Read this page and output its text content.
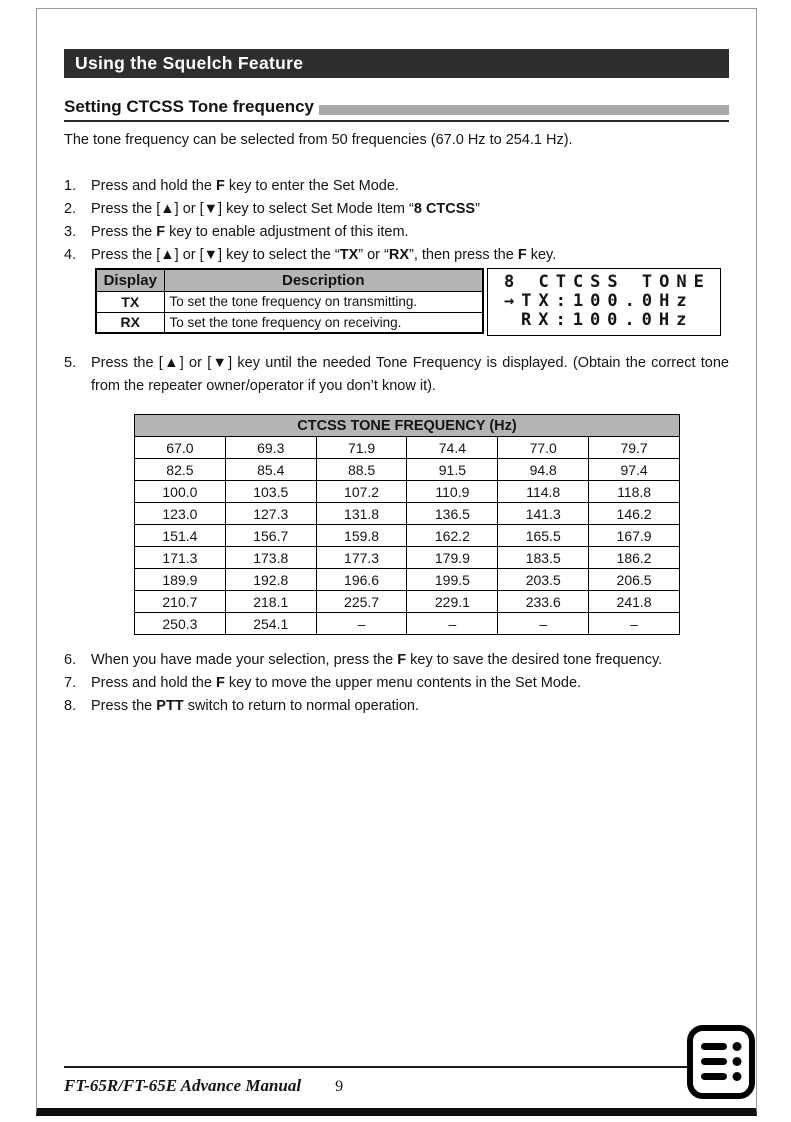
Using the Squelch Feature
Setting CTCSS Tone frequency

The tone frequency can be selected from 50 frequencies (67.0 Hz to 254.1 Hz).

1.	Press and hold the F key to enter the Set Mode.
2.	Press the [▲] or [▼] key to select Set Mode Item “8 CTCSS”
3.	Press the F key to enable adjustment of this item.
4.	Press the [▲] or [▼] key to select the “TX” or “RX”, then press the F key.
Display	Description
TX	To set the tone frequency on transmitting.
RX	To set the tone frequency on receiving.
8 CTCSS TONE
→TX:100.0Hz
RX:100.0Hz
5.	Press the [▲] or [▼] key until the needed Tone Frequency is displayed. (Obtain the correct tone from the repeater owner/operator if you don’t know it).
CTCSS TONE FREQUENCY (Hz)					
67.0	69.3	71.9	74.4	77.0	79.7
82.5	85.4	88.5	91.5	94.8	97.4
100.0	103.5	107.2	110.9	114.8	118.8
123.0	127.3	131.8	136.5	141.3	146.2
151.4	156.7	159.8	162.2	165.5	167.9
171.3	173.8	177.3	179.9	183.5	186.2
189.9	192.8	196.6	199.5	203.5	206.5
210.7	218.1	225.7	229.1	233.6	241.8
250.3	254.1	–	–	–	–
6.	When you have made your selection, press the F key to save the desired tone frequency.
7.	Press and hold the F key to move the upper menu contents in the Set Mode.
8.	Press the PTT switch to return to normal operation.
FT-65R/FT-65E Advance Manual 9
